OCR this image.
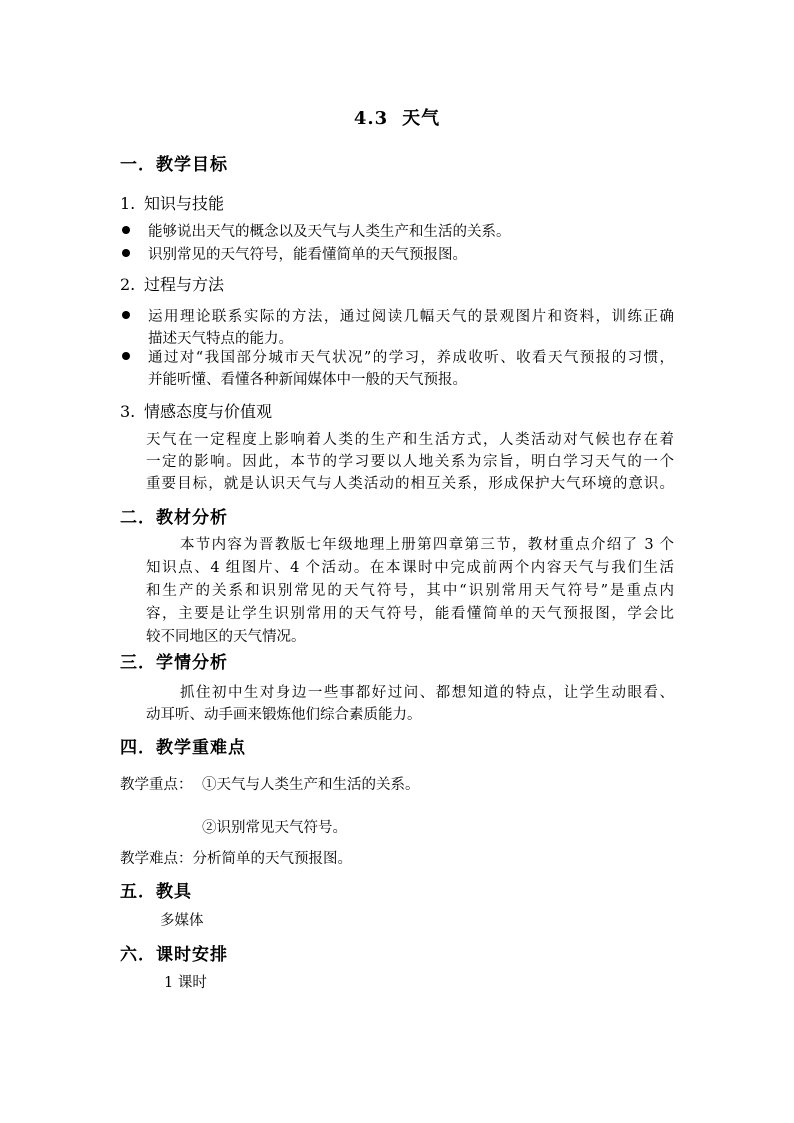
4.3 天气
一．教学目标
1. 知识与技能
能够说出天气的概念以及天气与人类生产和生活的关系。
识别常见的天气符号，能看懂简单的天气预报图。
2. 过程与方法
运用理论联系实际的方法，通过阅读几幅天气的景观图片和资料，训练正确
描述天气特点的能力。
通过对“我国部分城市天气状况”的学习，养成收听、收看天气预报的习惯，
并能听懂、看懂各种新闻媒体中一般的天气预报。
3. 情感态度与价值观
天气在一定程度上影响着人类的生产和生活方式，人类活动对气候也存在着
一定的影响。因此，本节的学习要以人地关系为宗旨，明白学习天气的一个
重要目标，就是认识天气与人类活动的相互关系，形成保护大气环境的意识。
二．教材分析
本节内容为晋教版七年级地理上册第四章第三节，教材重点介绍了 3 个
知识点、4 组图片、4 个活动。在本课时中完成前两个内容天气与我们生活
和生产的关系和识别常见的天气符号，其中“识别常用天气符号”是重点内
容，主要是让学生识别常用的天气符号，能看懂简单的天气预报图，学会比
较不同地区的天气情况。
三．学情分析
抓住初中生对身边一些事都好过问、都想知道的特点，让学生动眼看、
动耳听、动手画来锻炼他们综合素质能力。
四．教学重难点
教学重点： ①天气与人类生产和生活的关系。
②识别常见天气符号。
教学难点：分析简单的天气预报图。
五．教具
多媒体
六．课时安排
1 课时
